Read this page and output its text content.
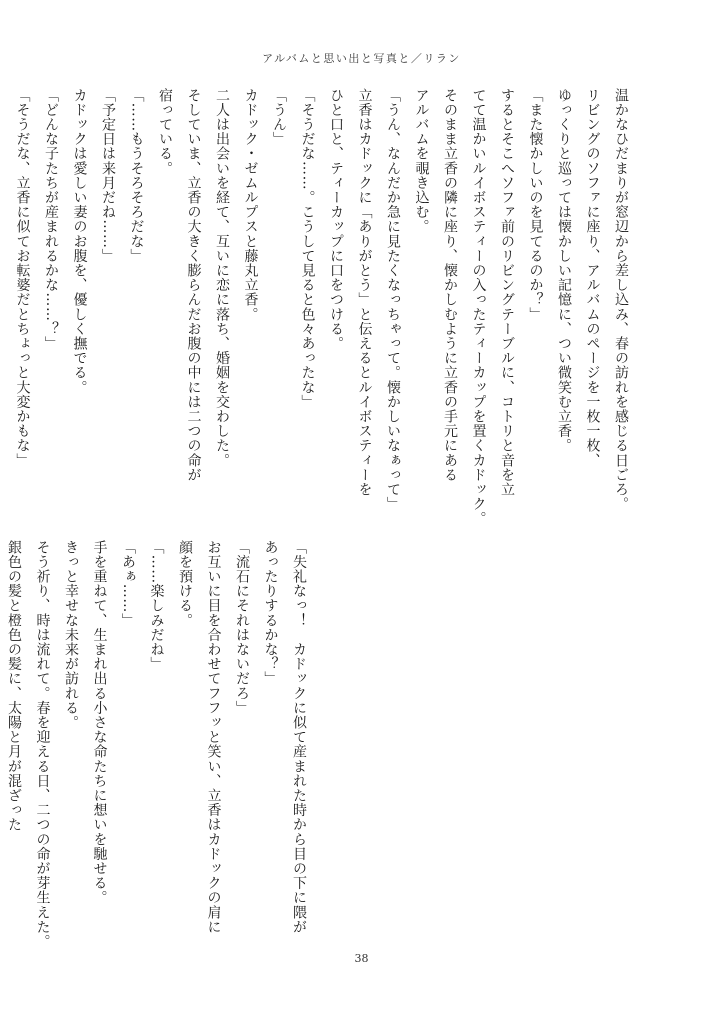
アルバムと思い出と写真と／リラン

温かなひだまりが窓辺から差し込み、春の訪れを感じる日ごろ。

リビングのソファに座り、アルバムのページを一枚一枚、

ゆっくりと巡っては懐かしい記憶に、つい微笑む立香。

「また懐かしいのを見てるのか？」

するとそこへソファ前のリビングテーブルに、コトリと音を立

てて温かいルイボスティーの入ったティーカップを置くカドック。

そのまま立香の隣に座り、懐かしむように立香の手元にある

アルバムを覗き込む。

「うん、なんだか急に見たくなっちゃって。懐かしいなぁって」

立香はカドックに「ありがとう」と伝えるとルイボスティーを

ひと口と、ティーカップに口をつける。

「そうだな……。こうして見ると色々あったな」

「うん」

カドック・ゼムルプスと藤丸立香。

二人は出会いを経て、互いに恋に落ち、婚姻を交わした。

そしていま、立香の大きく膨らんだお腹の中には二つの命が

宿っている。

「……もうそろそろだな」

「予定日は来月だね……」

カドックは愛しい妻のお腹を、優しく撫でる。

「どんな子たちが産まれるかな……？」

「そうだな、立香に似てお転婆だとちょっと大変かもな」

「失礼なっ！　カドックに似て産まれた時から目の下に隈が

あったりするかな？」

「流石にそれはないだろ」

お互いに目を合わせてフフッと笑い、立香はカドックの肩に

顔を預ける。

「……楽しみだね」

「あぁ……」

手を重ねて、生まれ出る小さな命たちに想いを馳せる。

きっと幸せな未来が訪れる。

そう祈り、時は流れて。春を迎える日、二つの命が芽生えた。

銀色の髪と橙色の髪に、太陽と月が混ざった

38
